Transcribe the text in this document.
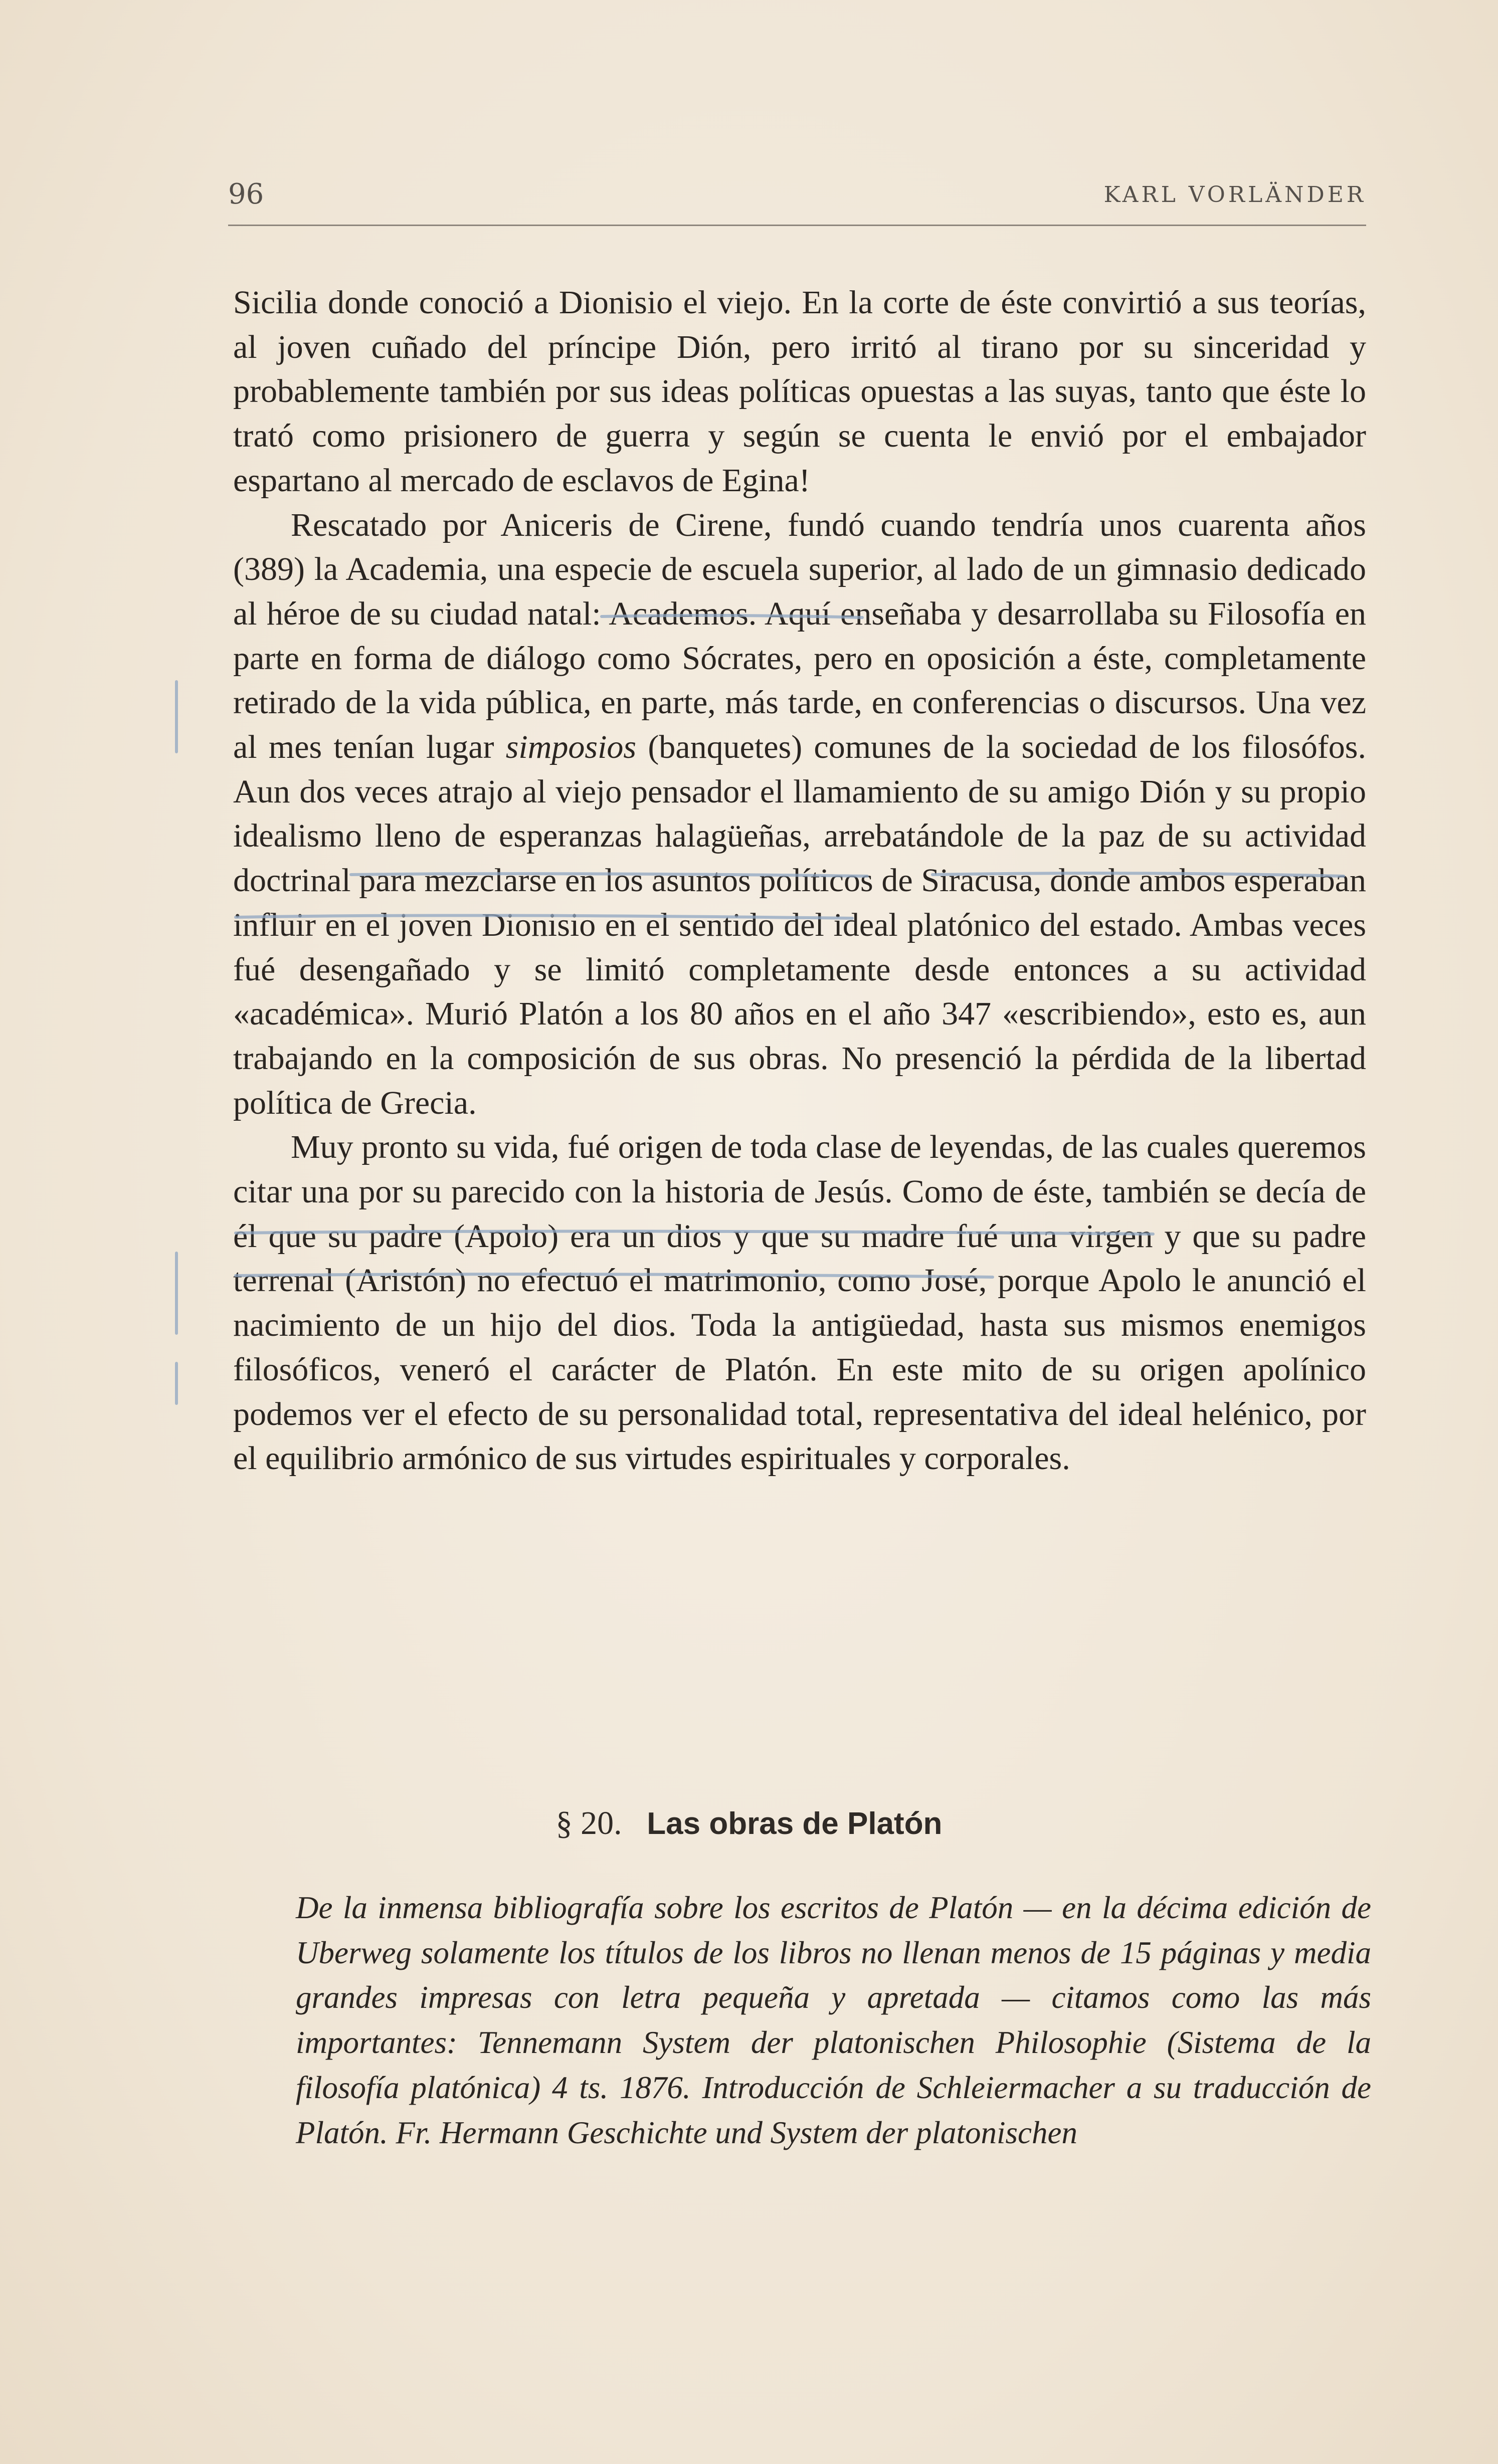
96	KARL VORLÄNDER

Sicilia donde conoció a Dionisio el viejo. En la corte de éste convirtió a sus teorías, al joven cuñado del príncipe Dión, pero irritó al tirano por su sinceridad y probablemente también por sus ideas políticas opuestas a las suyas, tanto que éste lo trató como prisionero de guerra y según se cuenta le envió por el embajador espartano al mercado de esclavos de Egina!

Rescatado por Aniceris de Cirene, fundó cuando tendría unos cuarenta años (389) la Academia, una especie de escuela superior, al lado de un gimnasio dedicado al héroe de su ciudad natal: Academos. Aquí enseñaba y desarrollaba su Filosofía en parte en forma de diálogo como Sócrates, pero en oposición a éste, completamente retirado de la vida pública, en parte, más tarde, en conferencias o discursos. Una vez al mes tenían lugar simposios (banquetes) comunes de la sociedad de los filosófos. Aun dos veces atrajo al viejo pensador el llamamiento de su amigo Dión y su propio idealismo lleno de esperanzas halagüeñas, arrebatándole de la paz de su actividad doctrinal para mezclarse en los asuntos políticos de Siracusa, donde ambos esperaban influir en el joven Dionisio en el sentido del ideal platónico del estado. Ambas veces fué desengañado y se limitó completamente desde entonces a su actividad «académica». Murió Platón a los 80 años en el año 347 «escribiendo», esto es, aun trabajando en la composición de sus obras. No presenció la pérdida de la libertad política de Grecia.

Muy pronto su vida, fué origen de toda clase de leyendas, de las cuales queremos citar una por su parecido con la historia de Jesús. Como de éste, también se decía de él que su padre (Apolo) era un dios y que su madre fué una virgen y que su padre terrenal (Aristón) no efectuó el matrimonio, como José, porque Apolo le anunció el nacimiento de un hijo del dios. Toda la antigüedad, hasta sus mismos enemigos filosóficos, veneró el carácter de Platón. En este mito de su origen apolínico podemos ver el efecto de su personalidad total, representativa del ideal helénico, por el equilibrio armónico de sus virtudes espirituales y corporales.

§ 20. Las obras de Platón

De la inmensa bibliografía sobre los escritos de Platón — en la décima edición de Uberweg solamente los títulos de los libros no llenan menos de 15 páginas y media grandes impresas con letra pequeña y apretada — citamos como las más importantes: Tennemann System der platonischen Philosophie (Sistema de la filosofía platónica) 4 ts. 1876. Introducción de Schleiermacher a su traducción de Platón. Fr. Hermann Geschichte und System der platonischen
